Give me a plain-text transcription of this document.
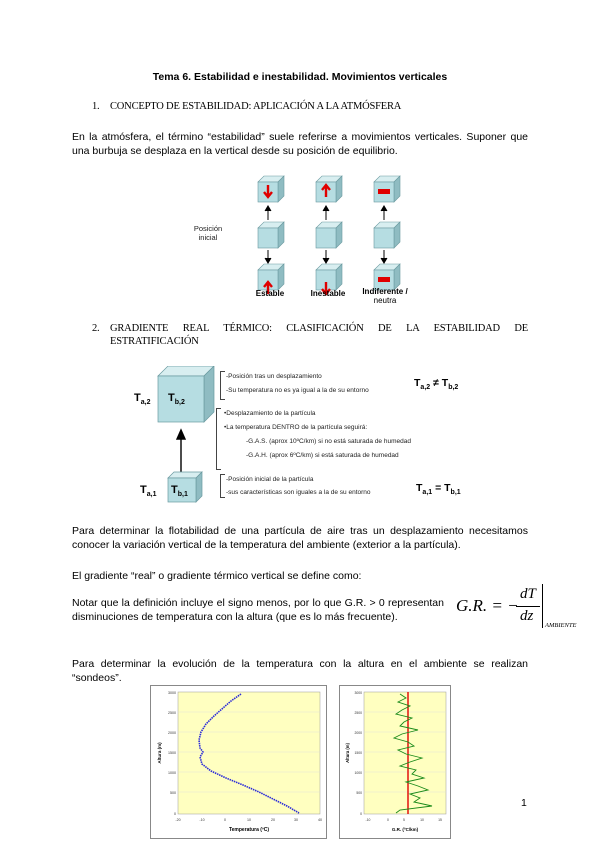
Tema 6. Estabilidad e inestabilidad. Movimientos verticales
1. CONCEPTO DE ESTABILIDAD: APLICACIÓN A LA ATMÓSFERA
En la atmósfera, el término “estabilidad” suele referirse a movimientos verticales. Suponer que una burbuja se desplaza en la vertical desde su posición de equilibrio.
Posición
inicial
Estable	Inestable	Indiferente /
neutra
2. GRADIENTE REAL TÉRMICO: CLASIFICACIÓN DE LA ESTABILIDAD DE
ESTRATIFICACIÓN
$T_{a,2}$ $T_{b,2}$
$T_{a,1}$ $T_{b,1}$
-Posición tras un desplazamiento
-Su temperatura no es ya igual a la de su entorno
$T_{a,2} \ne T_{b,2}$
•Desplazamiento de la partícula
•La temperatura DENTRO de la partícula seguirá:
-G.A.S. (aprox 10ºC/km) si no está saturada de humedad
-G.A.H. (aprox 6ºC/km) si está saturada de humedad
-Posición inicial de la partícula
-sus características son iguales a la de su entorno	$T_{a,1} = T_{b,1}$
Para determinar la flotabilidad de una partícula de aire tras un desplazamiento necesitamos conocer la variación vertical de la temperatura del ambiente (exterior a la partícula).
El gradiente “real” o gradiente térmico vertical se define como:
Notar que la definición incluye el signo menos, por lo que G.R. > 0 representan disminuciones de temperatura con la altura (que es lo más frecuente).
G.R. = −
dT
dz
AMBIENTE
Para determinar la evolución de la temperatura con la altura en el ambiente se realizan “sondeos”.
3000
2500
2000
1500
1000
500
0
-20	-10	0	10	20	30	40
Temperatura (ºC)
Altura (m)
3000
2500
2000
1500
1000
500
0
-10	0	5	10	15
G.R. (ºC/km)
Altura (m)
1
